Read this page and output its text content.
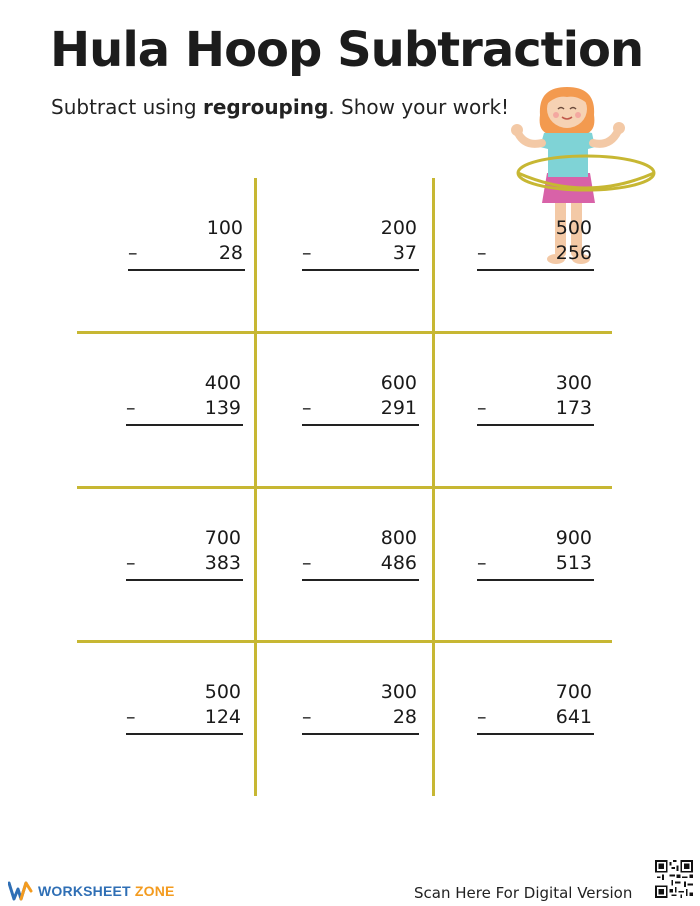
Hula Hoop Subtraction
Subtract using regrouping. Show your work!
100
–	28
200
–	37
500
–	256
400
–	139
600
–	291
300
–	173
700
–	383
800
–	486
900
–	513
500
–	124
300
–	28
700
–	641
WORKSHEET ZONE	Scan Here For Digital Version
